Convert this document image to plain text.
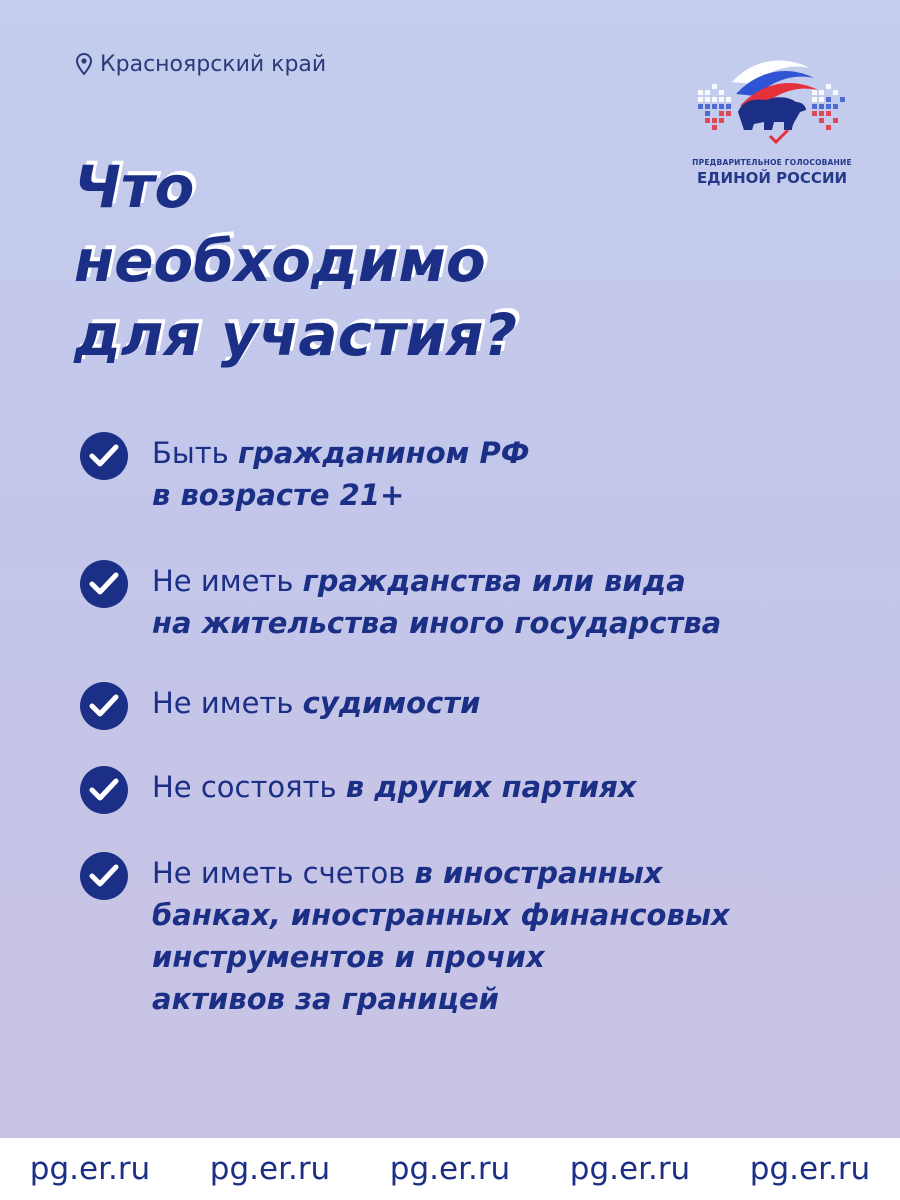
Красноярский край
ПРЕДВАРИТЕЛЬНОЕ ГОЛОСОВАНИЕ
ЕДИНОЙ РОССИИ
Что
необходимо
для участия?
Быть гражданином РФ
в возрасте 21+
Не иметь гражданства или вида
на жительства иного государства
Не иметь судимости
Не состоять в других партиях
Не иметь счетов в иностранных
банках, иностранных финансовых
инструментов и прочих
активов за границей
pg.er.ru pg.er.ru pg.er.ru pg.er.ru pg.er.ru
